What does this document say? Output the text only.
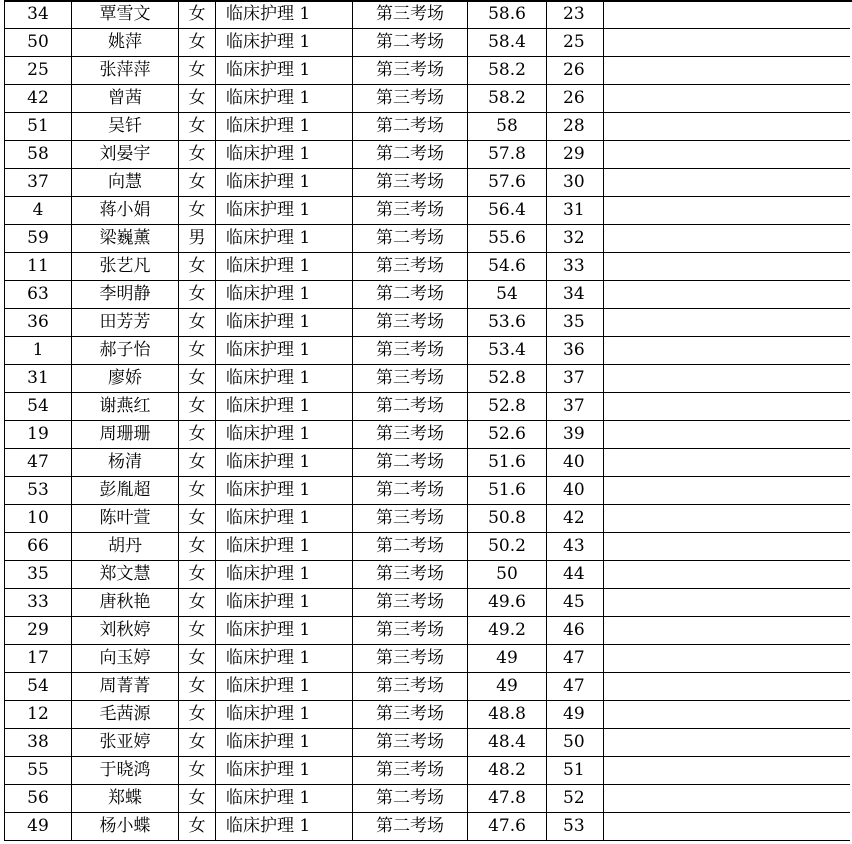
34	覃雪文	女	临床护理 1	第三考场	58.6	23	
50	姚萍	女	临床护理 1	第二考场	58.4	25	
25	张萍萍	女	临床护理 1	第三考场	58.2	26	
42	曾茜	女	临床护理 1	第三考场	58.2	26	
51	吴钎	女	临床护理 1	第二考场	58	28	
58	刘晏宇	女	临床护理 1	第二考场	57.8	29	
37	向慧	女	临床护理 1	第三考场	57.6	30	
4	蒋小娟	女	临床护理 1	第三考场	56.4	31	
59	梁巍薰	男	临床护理 1	第二考场	55.6	32	
11	张艺凡	女	临床护理 1	第三考场	54.6	33	
63	李明静	女	临床护理 1	第二考场	54	34	
36	田芳芳	女	临床护理 1	第三考场	53.6	35	
1	郝子怡	女	临床护理 1	第三考场	53.4	36	
31	廖娇	女	临床护理 1	第三考场	52.8	37	
54	谢燕红	女	临床护理 1	第二考场	52.8	37	
19	周珊珊	女	临床护理 1	第三考场	52.6	39	
47	杨清	女	临床护理 1	第二考场	51.6	40	
53	彭胤超	女	临床护理 1	第二考场	51.6	40	
10	陈叶萱	女	临床护理 1	第三考场	50.8	42	
66	胡丹	女	临床护理 1	第二考场	50.2	43	
35	郑文慧	女	临床护理 1	第三考场	50	44	
33	唐秋艳	女	临床护理 1	第三考场	49.6	45	
29	刘秋婷	女	临床护理 1	第三考场	49.2	46	
17	向玉婷	女	临床护理 1	第三考场	49	47	
54	周菁菁	女	临床护理 1	第三考场	49	47	
12	毛茜源	女	临床护理 1	第三考场	48.8	49	
38	张亚婷	女	临床护理 1	第三考场	48.4	50	
55	于晓鸿	女	临床护理 1	第三考场	48.2	51	
56	郑蝶	女	临床护理 1	第二考场	47.8	52	
49	杨小蝶	女	临床护理 1	第二考场	47.6	53	
